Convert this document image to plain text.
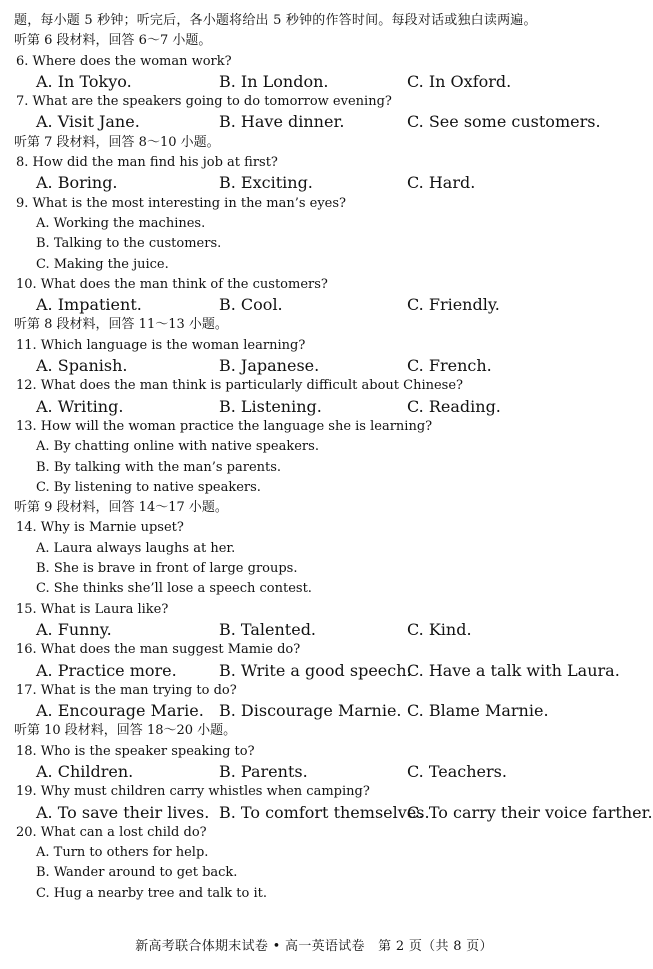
题，每小题 5 秒钟；听完后，各小题将给出 5 秒钟的作答时间。每段对话或独白读两遍。
听第 6 段材料，回答 6～7 小题。
6. Where does the woman work?
A. In Tokyo.	B. In London.	C. In Oxford.
7. What are the speakers going to do tomorrow evening?
A. Visit Jane.	B. Have dinner.	C. See some customers.
听第 7 段材料，回答 8～10 小题。
8. How did the man find his job at first?
A. Boring.	B. Exciting.	C. Hard.
9. What is the most interesting in the man’s eyes?
A. Working the machines.
B. Talking to the customers.
C. Making the juice.
10. What does the man think of the customers?
A. Impatient.	B. Cool.	C. Friendly.
听第 8 段材料，回答 11～13 小题。
11. Which language is the woman learning?
A. Spanish.	B. Japanese.	C. French.
12. What does the man think is particularly difficult about Chinese?
A. Writing.	B. Listening.	C. Reading.
13. How will the woman practice the language she is learning?
A. By chatting online with native speakers.
B. By talking with the man’s parents.
C. By listening to native speakers.
听第 9 段材料，回答 14～17 小题。
14. Why is Marnie upset?
A. Laura always laughs at her.
B. She is brave in front of large groups.
C. She thinks she’ll lose a speech contest.
15. What is Laura like?
A. Funny.	B. Talented.	C. Kind.
16. What does the man suggest Mamie do?
A. Practice more.	B. Write a good speech.
C. Have a talk with Laura.
17. What is the man trying to do?
A. Encourage Marie. B. Discourage Marnie. C. Blame Marnie.
听第 10 段材料，回答 18～20 小题。
18. Who is the speaker speaking to?
A. Children.	B. Parents.	C. Teachers.
19. Why must children carry whistles when camping?
A. To save their lives. B. To comfort themselves.
C. To carry their voice farther.
20. What can a lost child do?
A. Turn to others for help.
B. Wander around to get back.
C. Hug a nearby tree and talk to it.
新高考联合体期末试卷 • 高一英语试卷　第 2 页（共 8 页）
